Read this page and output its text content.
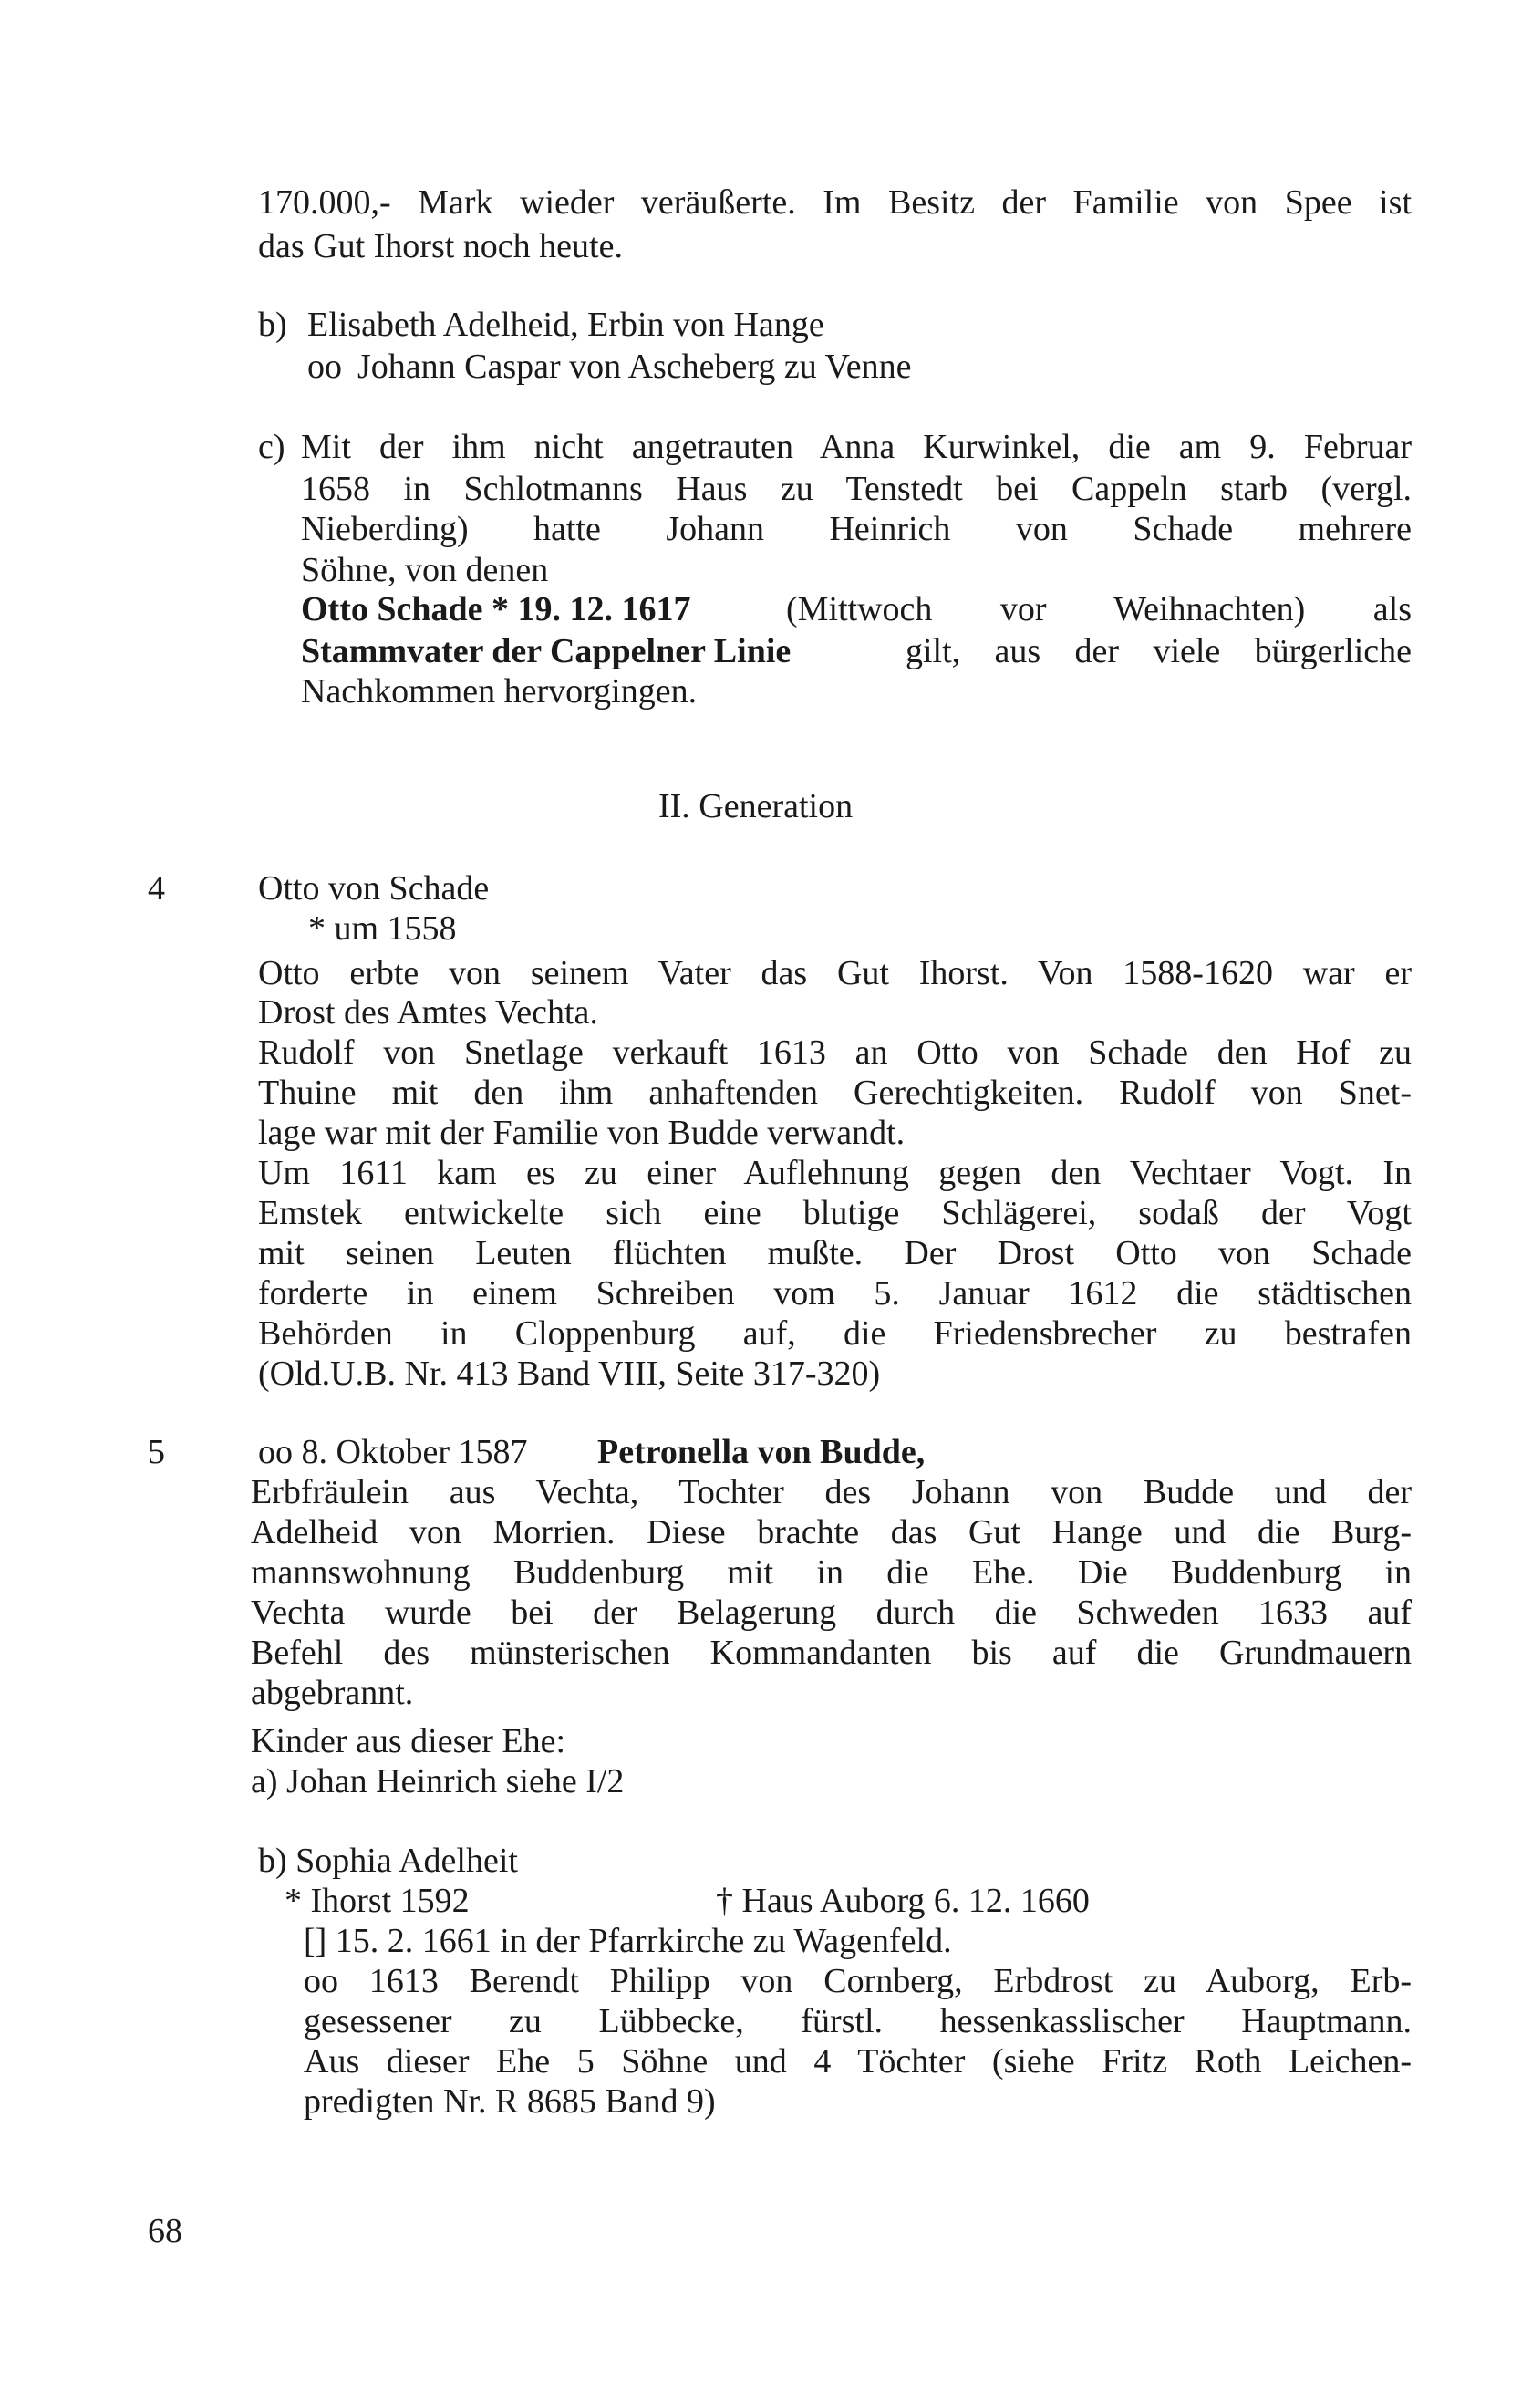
170.000,- Mark wieder veräußerte. Im Besitz der Familie von Spee ist
das Gut Ihorst noch heute.
b) Elisabeth Adelheid, Erbin von Hange
oo Johann Caspar von Ascheberg zu Venne
c) Mit der ihm nicht angetrauten Anna Kurwinkel, die am 9. Februar
1658 in Schlotmanns Haus zu Tenstedt bei Cappeln starb (vergl.
Nieberding) hatte Johann Heinrich von Schade mehrere
Söhne, von denen
Otto Schade * 19. 12. 1617	(Mittwoch vor Weihnachten) als
Stammvater der Cappelner Linie	gilt, aus der viele bürgerliche
Nachkommen hervorgingen.
II. Generation
4	Otto von Schade
* um 1558
Otto erbte von seinem Vater das Gut Ihorst. Von 1588-1620 war er
Drost des Amtes Vechta.
Rudolf von Snetlage verkauft 1613 an Otto von Schade den Hof zu
Thuine mit den ihm anhaftenden Gerechtigkeiten. Rudolf von Snet-
lage war mit der Familie von Budde verwandt.
Um 1611 kam es zu einer Auflehnung gegen den Vechtaer Vogt. In
Emstek entwickelte sich eine blutige Schlägerei, sodaß der Vogt
mit seinen Leuten flüchten mußte. Der Drost Otto von Schade
forderte in einem Schreiben vom 5. Januar 1612 die städtischen
Behörden in Cloppenburg auf, die Friedensbrecher zu bestrafen
(Old.U.B. Nr. 413 Band VIII, Seite 317-320)
5	oo 8. Oktober 1587 Petronella von Budde,
Erbfräulein aus Vechta, Tochter des Johann von Budde und der
Adelheid von Morrien. Diese brachte das Gut Hange und die Burg-
mannswohnung Buddenburg mit in die Ehe. Die Buddenburg in
Vechta wurde bei der Belagerung durch die Schweden 1633 auf
Befehl des münsterischen Kommandanten bis auf die Grundmauern
abgebrannt.
Kinder aus dieser Ehe:
a) Johan Heinrich siehe I/2
b) Sophia Adelheit
* Ihorst 1592	† Haus Auborg 6. 12. 1660
[] 15. 2. 1661 in der Pfarrkirche zu Wagenfeld.
oo 1613 Berendt Philipp von Cornberg, Erbdrost zu Auborg, Erb-
gesessener zu Lübbecke, fürstl. hessenkasslischer Hauptmann.
Aus dieser Ehe 5 Söhne und 4 Töchter (siehe Fritz Roth Leichen-
predigten Nr. R 8685 Band 9)
68
